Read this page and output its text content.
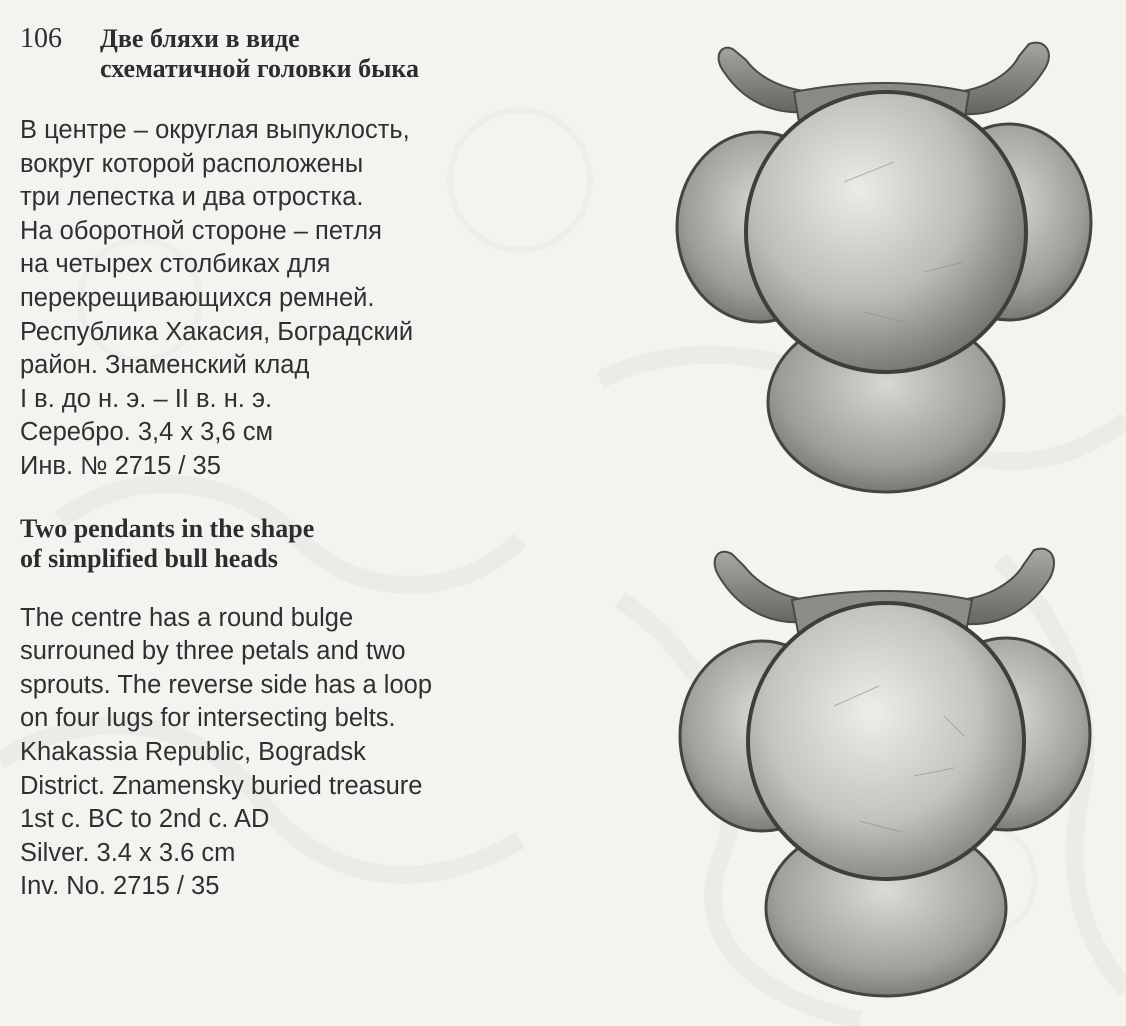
106 Две бляхи в виде
схематичной головки быка

В центре – округлая выпуклость,
вокруг которой расположены
три лепестка и два отростка.
На оборотной стороне – петля
на четырех столбиках для
перекрещивающихся ремней.
Республика Хакасия, Боградский
район. Знаменский клад
I в. до н. э. – II в. н. э.
Серебро. 3,4 х 3,6 см
Инв. № 2715 / 35

Two pendants in the shape
of simplified bull heads

The centre has a round bulge
surrouned by three petals and two
sprouts. The reverse side has a loop
on four lugs for intersecting belts.
Khakassia Republic, Bogradsk
District. Znamensky buried treasure
1st c. BC to 2nd c. AD
Silver. 3.4 x 3.6 cm
Inv. No. 2715 / 35
